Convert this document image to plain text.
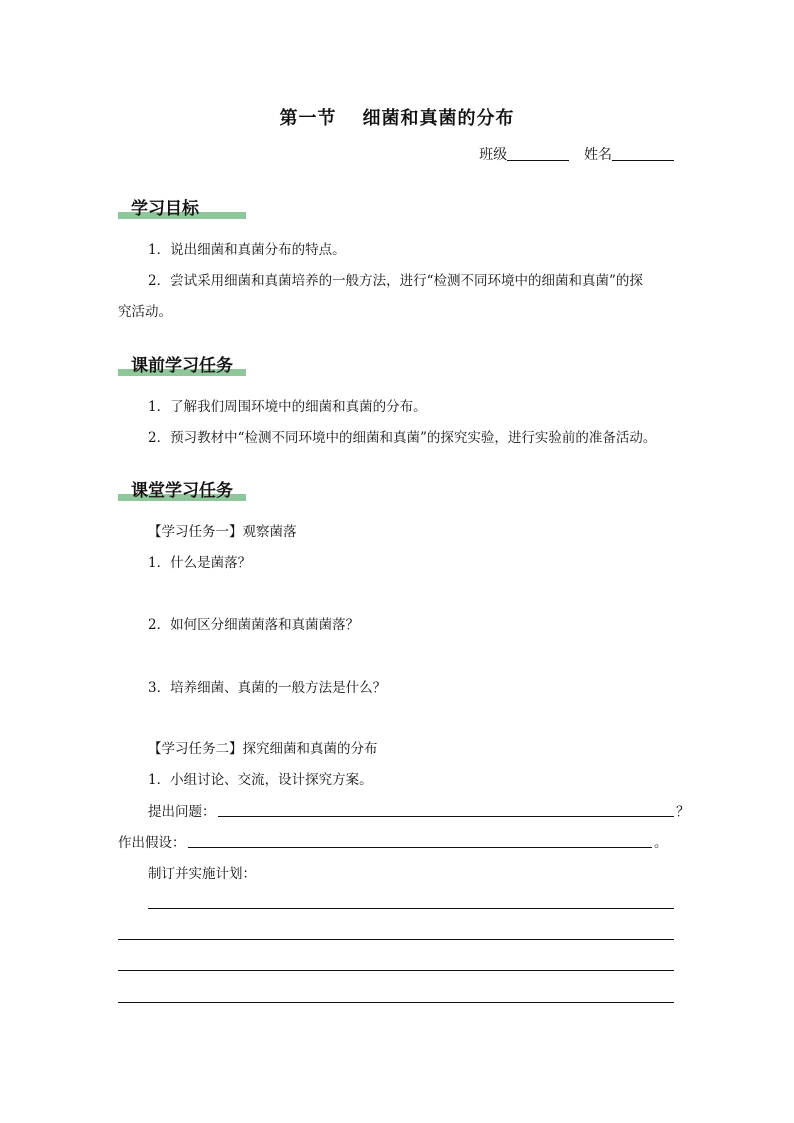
第一节 细菌和真菌的分布
班级	姓名
学习目标
1．说出细菌和真菌分布的特点。
2．尝试采用细菌和真菌培养的一般方法，进行“检测不同环境中的细菌和真菌”的探
究活动。
课前学习任务
1．了解我们周围环境中的细菌和真菌的分布。
2．预习教材中“检测不同环境中的细菌和真菌”的探究实验，进行实验前的准备活动。
课堂学习任务
【学习任务一】观察菌落
1．什么是菌落？
2．如何区分细菌菌落和真菌菌落？
3．培养细菌、真菌的一般方法是什么？
【学习任务二】探究细菌和真菌的分布
1．小组讨论、交流，设计探究方案。
提出问题：	？
作出假设：	。
制订并实施计划：
